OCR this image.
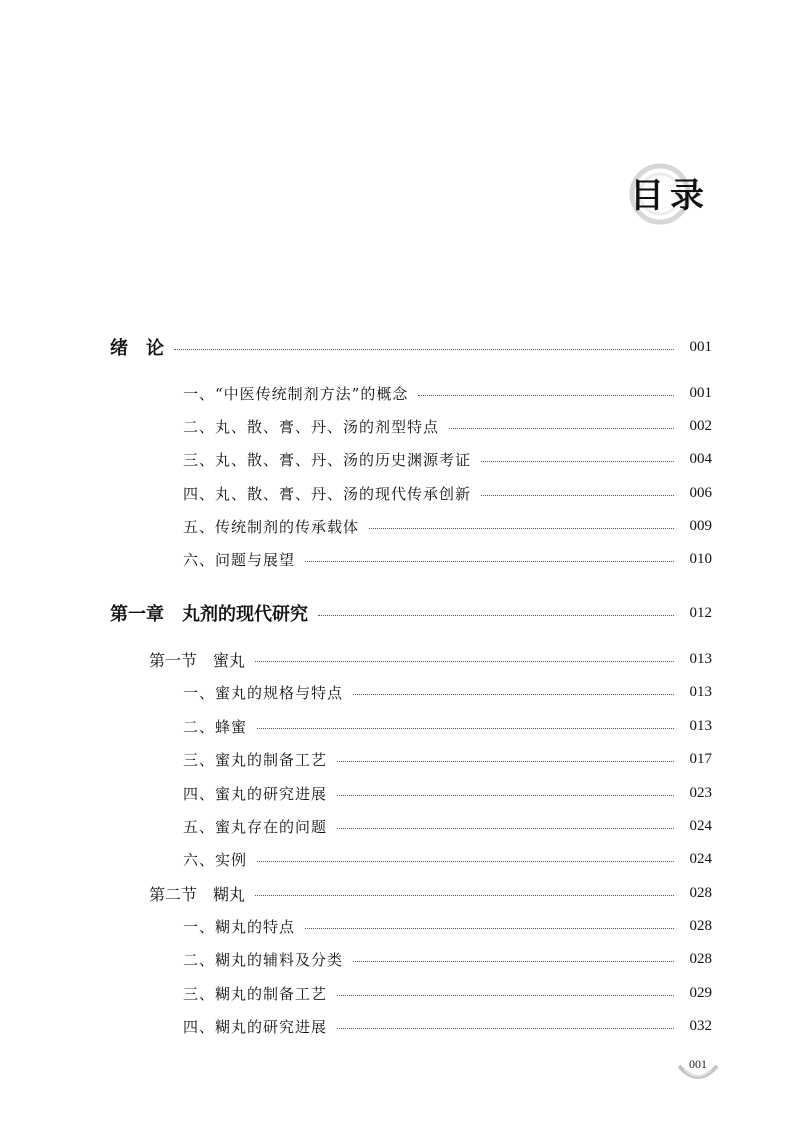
目录
绪　论	001
一、“中医传统制剂方法”的概念	001
二、丸、散、膏、丹、汤的剂型特点	002
三、丸、散、膏、丹、汤的历史渊源考证	004
四、丸、散、膏、丹、汤的现代传承创新	006
五、传统制剂的传承载体	009
六、问题与展望	010
第一章　丸剂的现代研究	012
第一节　蜜丸	013
一、蜜丸的规格与特点	013
二、蜂蜜	013
三、蜜丸的制备工艺	017
四、蜜丸的研究进展	023
五、蜜丸存在的问题	024
六、实例	024
第二节　糊丸	028
一、糊丸的特点	028
二、糊丸的辅料及分类	028
三、糊丸的制备工艺	029
四、糊丸的研究进展	032
001
